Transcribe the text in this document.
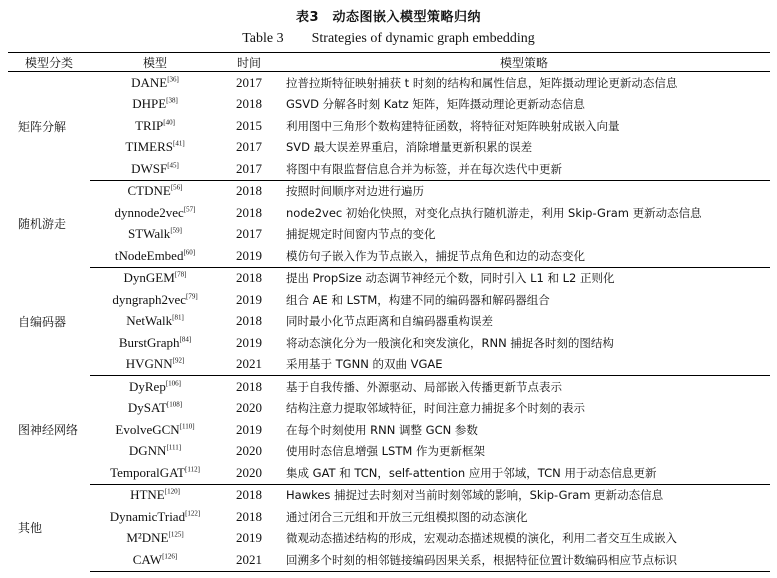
表3　动态图嵌入模型策略归纳
Table 3　　Strategies of dynamic graph embedding
模型分类	模型	时间	模型策略
矩阵分解	DANE[36]	2017	拉普拉斯特征映射捕获 t 时刻的结构和属性信息，矩阵摄动理论更新动态信息
	DHPE[38]	2018	GSVD 分解各时刻 Katz 矩阵，矩阵摄动理论更新动态信息
	TRIP[40]	2015	利用图中三角形个数构建特征函数，将特征对矩阵映射成嵌入向量
	TIMERS[41]	2017	SVD 最大误差界重启，消除增量更新积累的误差
	DWSF[45]	2017	将图中有限监督信息合并为标签，并在每次迭代中更新
随机游走	CTDNE[56]	2018	按照时间顺序对边进行遍历
	dynnode2vec[57]	2018	node2vec 初始化快照，对变化点执行随机游走，利用 Skip-Gram 更新动态信息
	STWalk[59]	2017	捕捉规定时间窗内节点的变化
	tNodeEmbed[60]	2019	模仿句子嵌入作为节点嵌入，捕捉节点角色和边的动态变化
自编码器	DynGEM[78]	2018	提出 PropSize 动态调节神经元个数，同时引入 L1 和 L2 正则化
	dyngraph2vec[79]	2019	组合 AE 和 LSTM，构建不同的编码器和解码器组合
	NetWalk[81]	2018	同时最小化节点距离和自编码器重构误差
	BurstGraph[84]	2019	将动态演化分为一般演化和突发演化，RNN 捕捉各时刻的图结构
	HVGNN[92]	2021	采用基于 TGNN 的双曲 VGAE
图神经网络	DyRep[106]	2018	基于自我传播、外源驱动、局部嵌入传播更新节点表示
	DySAT[108]	2020	结构注意力提取邻域特征，时间注意力捕捉多个时刻的表示
	EvolveGCN[110]	2019	在每个时刻使用 RNN 调整 GCN 参数
	DGNN[111]	2020	使用时态信息增强 LSTM 作为更新框架
	TemporalGAT[112]	2020	集成 GAT 和 TCN，self-attention 应用于邻域，TCN 用于动态信息更新
其他	HTNE[120]	2018	Hawkes 捕捉过去时刻对当前时刻邻域的影响，Skip-Gram 更新动态信息
	DynamicTriad[122]	2018	通过闭合三元组和开放三元组模拟图的动态演化
	M²DNE[125]	2019	微观动态描述结构的形成，宏观动态描述规模的演化，利用二者交互生成嵌入
	CAW[126]	2021	回溯多个时刻的相邻链接编码因果关系，根据特征位置计数编码相应节点标识
